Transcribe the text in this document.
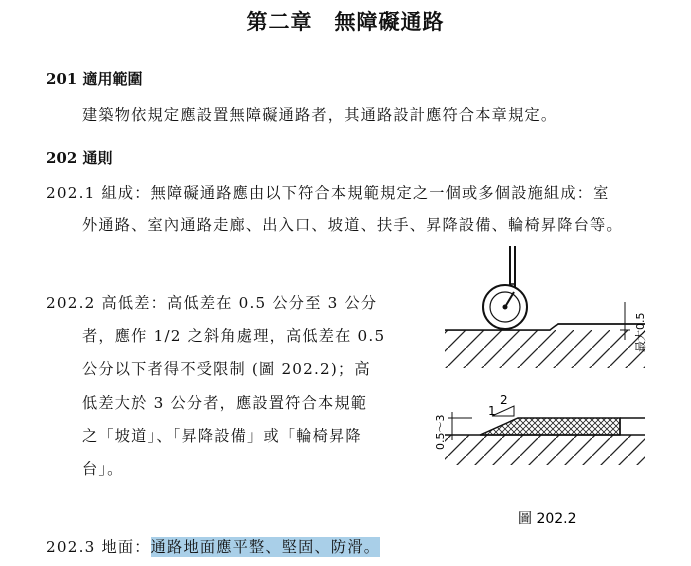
第二章　無障礙通路
201 適用範圍
建築物依規定應設置無障礙通路者，其通路設計應符合本章規定。
202 通則
202.1 組成：無障礙通路應由以下符合本規範規定之一個或多個設施組成：室
外通路、室內通路走廊、出入口、坡道、扶手、昇降設備、輪椅昇降台等。
202.2 高低差：高低差在 0.5 公分至 3 公分
者，應作 1/2 之斜角處理，高低差在 0.5
公分以下者得不受限制 (圖 202.2)；高
低差大於 3 公分者，應設置符合本規範
之「坡道」、「昇降設備」或「輪椅昇降
台」。
202.3 地面：通路地面應平整、堅固、防滑。
最大0.5
0.5～3
1
2
圖 202.2
